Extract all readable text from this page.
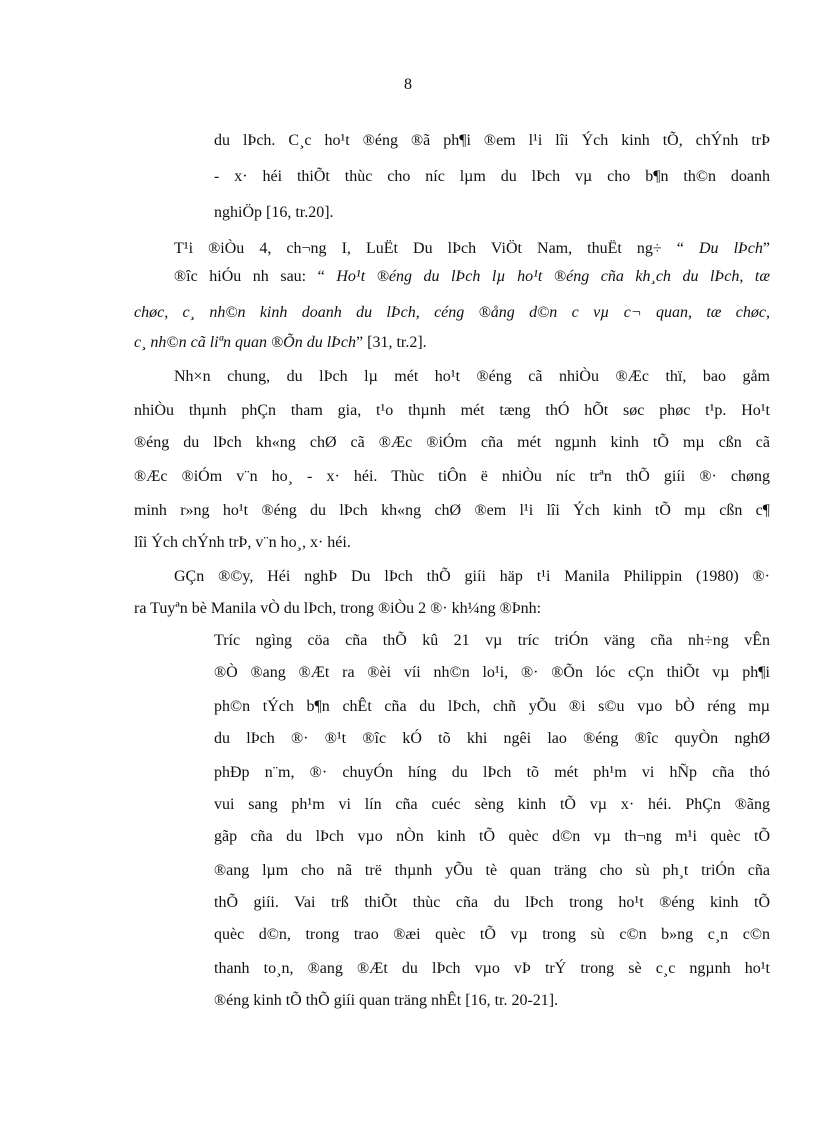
8
du lÞch. C¸c ho¹t ®éng ®ã ph¶i ®em l¹i lîi Ých kinh tÕ, chÝnh trÞ
- x· héi thiÕt thùc cho níc lµm du lÞch vµ cho b¶n th©n doanh
nghiÖp [16, tr.20].
T¹i ®iÒu 4, ch¬ng I, LuËt Du lÞch ViÖt Nam, thuËt ng÷ “ Du lÞch”
®îc hiÓu nh sau: “ Ho¹t ®éng du lÞch lµ ho¹t ®éng cña kh¸ch du lÞch, tæ
chøc, c¸ nh©n kinh doanh du lÞch, céng ®ång d©n c vµ c¬ quan, tæ chøc,
c¸ nh©n cã liªn quan ®Õn du lÞch” [31, tr.2].
Nh×n chung, du lÞch lµ mét ho¹t ®éng cã nhiÒu ®Æc thï, bao gåm
nhiÒu thµnh phÇn tham gia, t¹o thµnh mét tæng thÓ hÕt søc phøc t¹p. Ho¹t
®éng du lÞch kh«ng chØ cã ®Æc ®iÓm cña mét ngµnh kinh tÕ mµ cßn cã
®Æc ®iÓm v¨n ho¸ - x· héi. Thùc tiÔn ë nhiÒu níc trªn thÕ giíi ®· chøng
minh r»ng ho¹t ®éng du lÞch kh«ng chØ ®em l¹i lîi Ých kinh tÕ mµ cßn c¶
lîi Ých chÝnh trÞ, v¨n ho¸, x· héi.
GÇn ®©y, Héi nghÞ Du lÞch thÕ giíi häp t¹i Manila Philippin (1980) ®·
ra Tuyªn bè Manila vÒ du lÞch, trong ®iÒu 2 ®· kh¼ng ®Þnh:
Tríc ngìng cöa cña thÕ kû 21 vµ tríc triÓn väng cña nh÷ng vÊn
®Ò ®ang ®Æt ra ®èi víi nh©n lo¹i, ®· ®Õn lóc cÇn thiÕt vµ ph¶i
ph©n tÝch b¶n chÊt cña du lÞch, chñ yÕu ®i s©u vµo bÒ réng mµ
du lÞch ®· ®¹t ®îc kÓ tõ khi ngêi lao ®éng ®îc quyÒn nghØ
phÐp n¨m, ®· chuyÓn híng du lÞch tõ mét ph¹m vi hÑp cña thó
vui sang ph¹m vi lín cña cuéc sèng kinh tÕ vµ x· héi. PhÇn ®ãng
gãp cña du lÞch vµo nÒn kinh tÕ quèc d©n vµ th¬ng m¹i quèc tÕ
®ang lµm cho nã trë thµnh yÕu tè quan träng cho sù ph¸t triÓn cña
thÕ giíi. Vai trß thiÕt thùc cña du lÞch trong ho¹t ®éng kinh tÕ
quèc d©n, trong trao ®æi quèc tÕ vµ trong sù c©n b»ng c¸n c©n
thanh to¸n, ®ang ®Æt du lÞch vµo vÞ trÝ trong sè c¸c ngµnh ho¹t
®éng kinh tÕ thÕ giíi quan träng nhÊt [16, tr. 20-21].
